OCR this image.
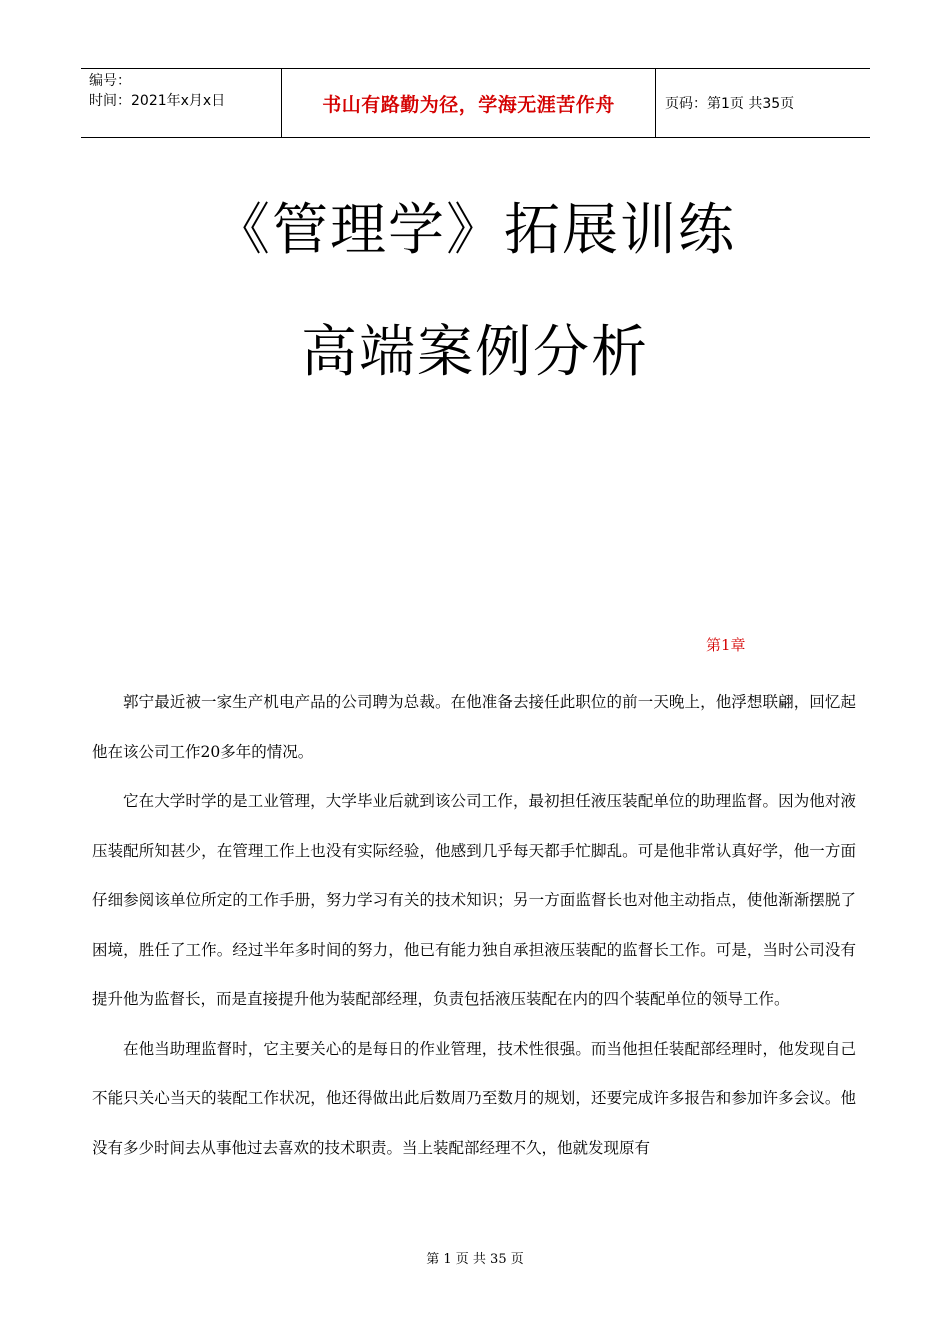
编号：
时间：2021年x月x日	书山有路勤为径，学海无涯苦作舟	页码：第1页 共35页
《管理学》拓展训练
高端案例分析
第1章

郭宁最近被一家生产机电产品的公司聘为总裁。在他准备去接任此职位的前一天晚上，他浮想联翩，回忆起他在该公司工作20多年的情况。

它在大学时学的是工业管理，大学毕业后就到该公司工作，最初担任液压装配单位的助理监督。因为他对液压装配所知甚少，在管理工作上也没有实际经验，他感到几乎每天都手忙脚乱。可是他非常认真好学，他一方面仔细参阅该单位所定的工作手册，努力学习有关的技术知识；另一方面监督长也对他主动指点，使他渐渐摆脱了困境，胜任了工作。经过半年多时间的努力，他已有能力独自承担液压装配的监督长工作。可是，当时公司没有提升他为监督长，而是直接提升他为装配部经理，负责包括液压装配在内的四个装配单位的领导工作。

在他当助理监督时，它主要关心的是每日的作业管理，技术性很强。而当他担任装配部经理时，他发现自己不能只关心当天的装配工作状况，他还得做出此后数周乃至数月的规划，还要完成许多报告和参加许多会议。他没有多少时间去从事他过去喜欢的技术职责。当上装配部经理不久，他就发现原有

第 1 页 共 35 页
